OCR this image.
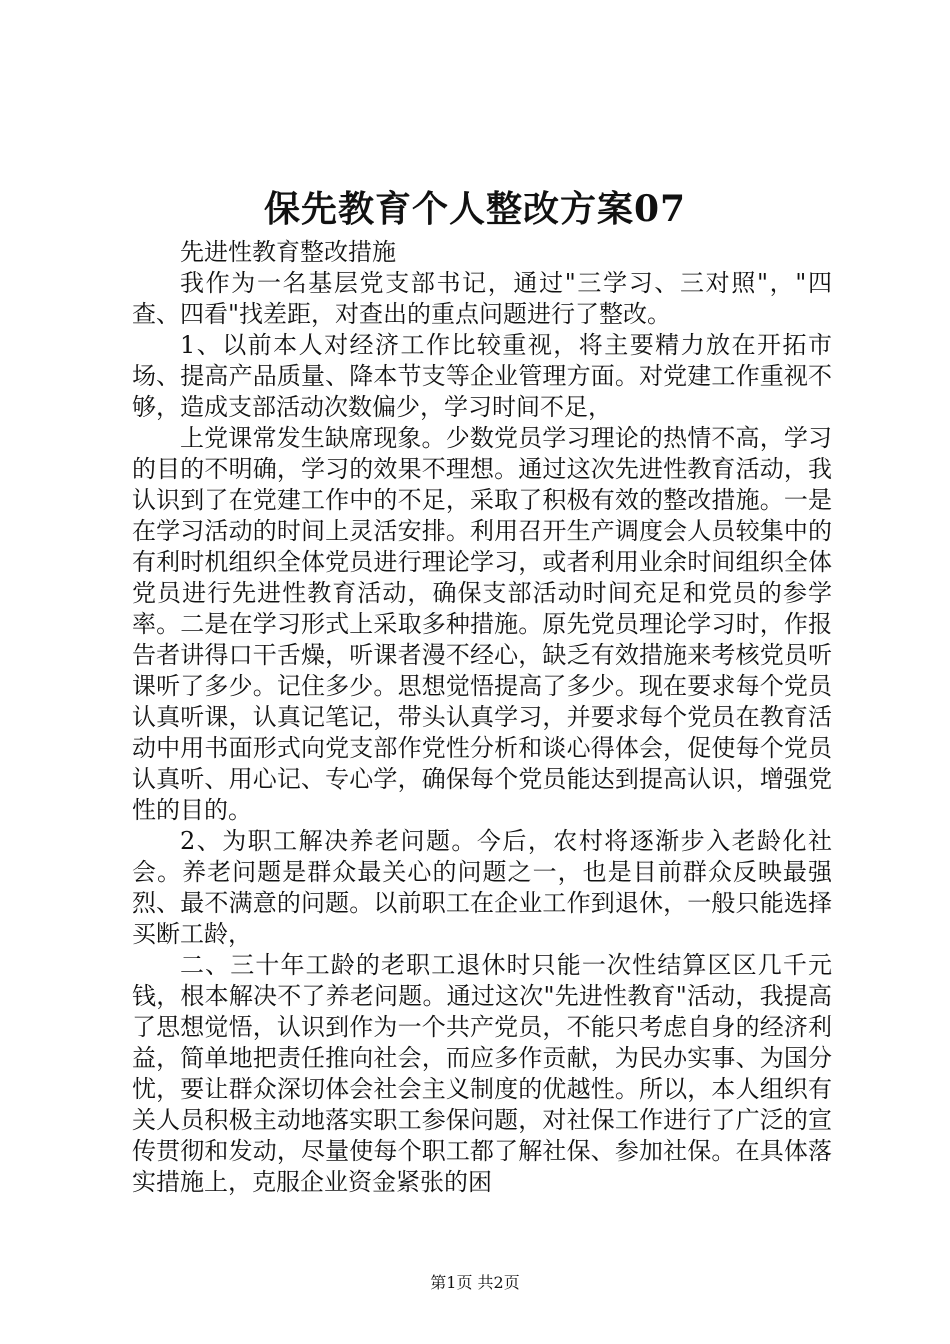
保先教育个人整改方案07

先进性教育整改措施

我作为一名基层党支部书记，通过"三学习、三对照"，"四查、四看"找差距，对查出的重点问题进行了整改。

1、以前本人对经济工作比较重视，将主要精力放在开拓市场、提高产品质量、降本节支等企业管理方面。对党建工作重视不够，造成支部活动次数偏少，学习时间不足，

上党课常发生缺席现象。少数党员学习理论的热情不高，学习的目的不明确，学习的效果不理想。通过这次先进性教育活动，我认识到了在党建工作中的不足，采取了积极有效的整改措施。一是在学习活动的时间上灵活安排。利用召开生产调度会人员较集中的有利时机组织全体党员进行理论学习，或者利用业余时间组织全体党员进行先进性教育活动，确保支部活动时间充足和党员的参学率。二是在学习形式上采取多种措施。原先党员理论学习时，作报告者讲得口干舌燥，听课者漫不经心，缺乏有效措施来考核党员听课听了多少。记住多少。思想觉悟提高了多少。现在要求每个党员认真听课，认真记笔记，带头认真学习，并要求每个党员在教育活动中用书面形式向党支部作党性分析和谈心得体会，促使每个党员认真听、用心记、专心学，确保每个党员能达到提高认识，增强党性的目的。

2、为职工解决养老问题。今后，农村将逐渐步入老龄化社会。养老问题是群众最关心的问题之一，也是目前群众反映最强烈、最不满意的问题。以前职工在企业工作到退休，一般只能选择买断工龄，

二、三十年工龄的老职工退休时只能一次性结算区区几千元钱，根本解决不了养老问题。通过这次"先进性教育"活动，我提高了思想觉悟，认识到作为一个共产党员，不能只考虑自身的经济利益，简单地把责任推向社会，而应多作贡献，为民办实事、为国分忧，要让群众深切体会社会主义制度的优越性。所以，本人组织有关人员积极主动地落实职工参保问题，对社保工作进行了广泛的宣传贯彻和发动，尽量使每个职工都了解社保、参加社保。在具体落实措施上，克服企业资金紧张的困

第1页 共2页
